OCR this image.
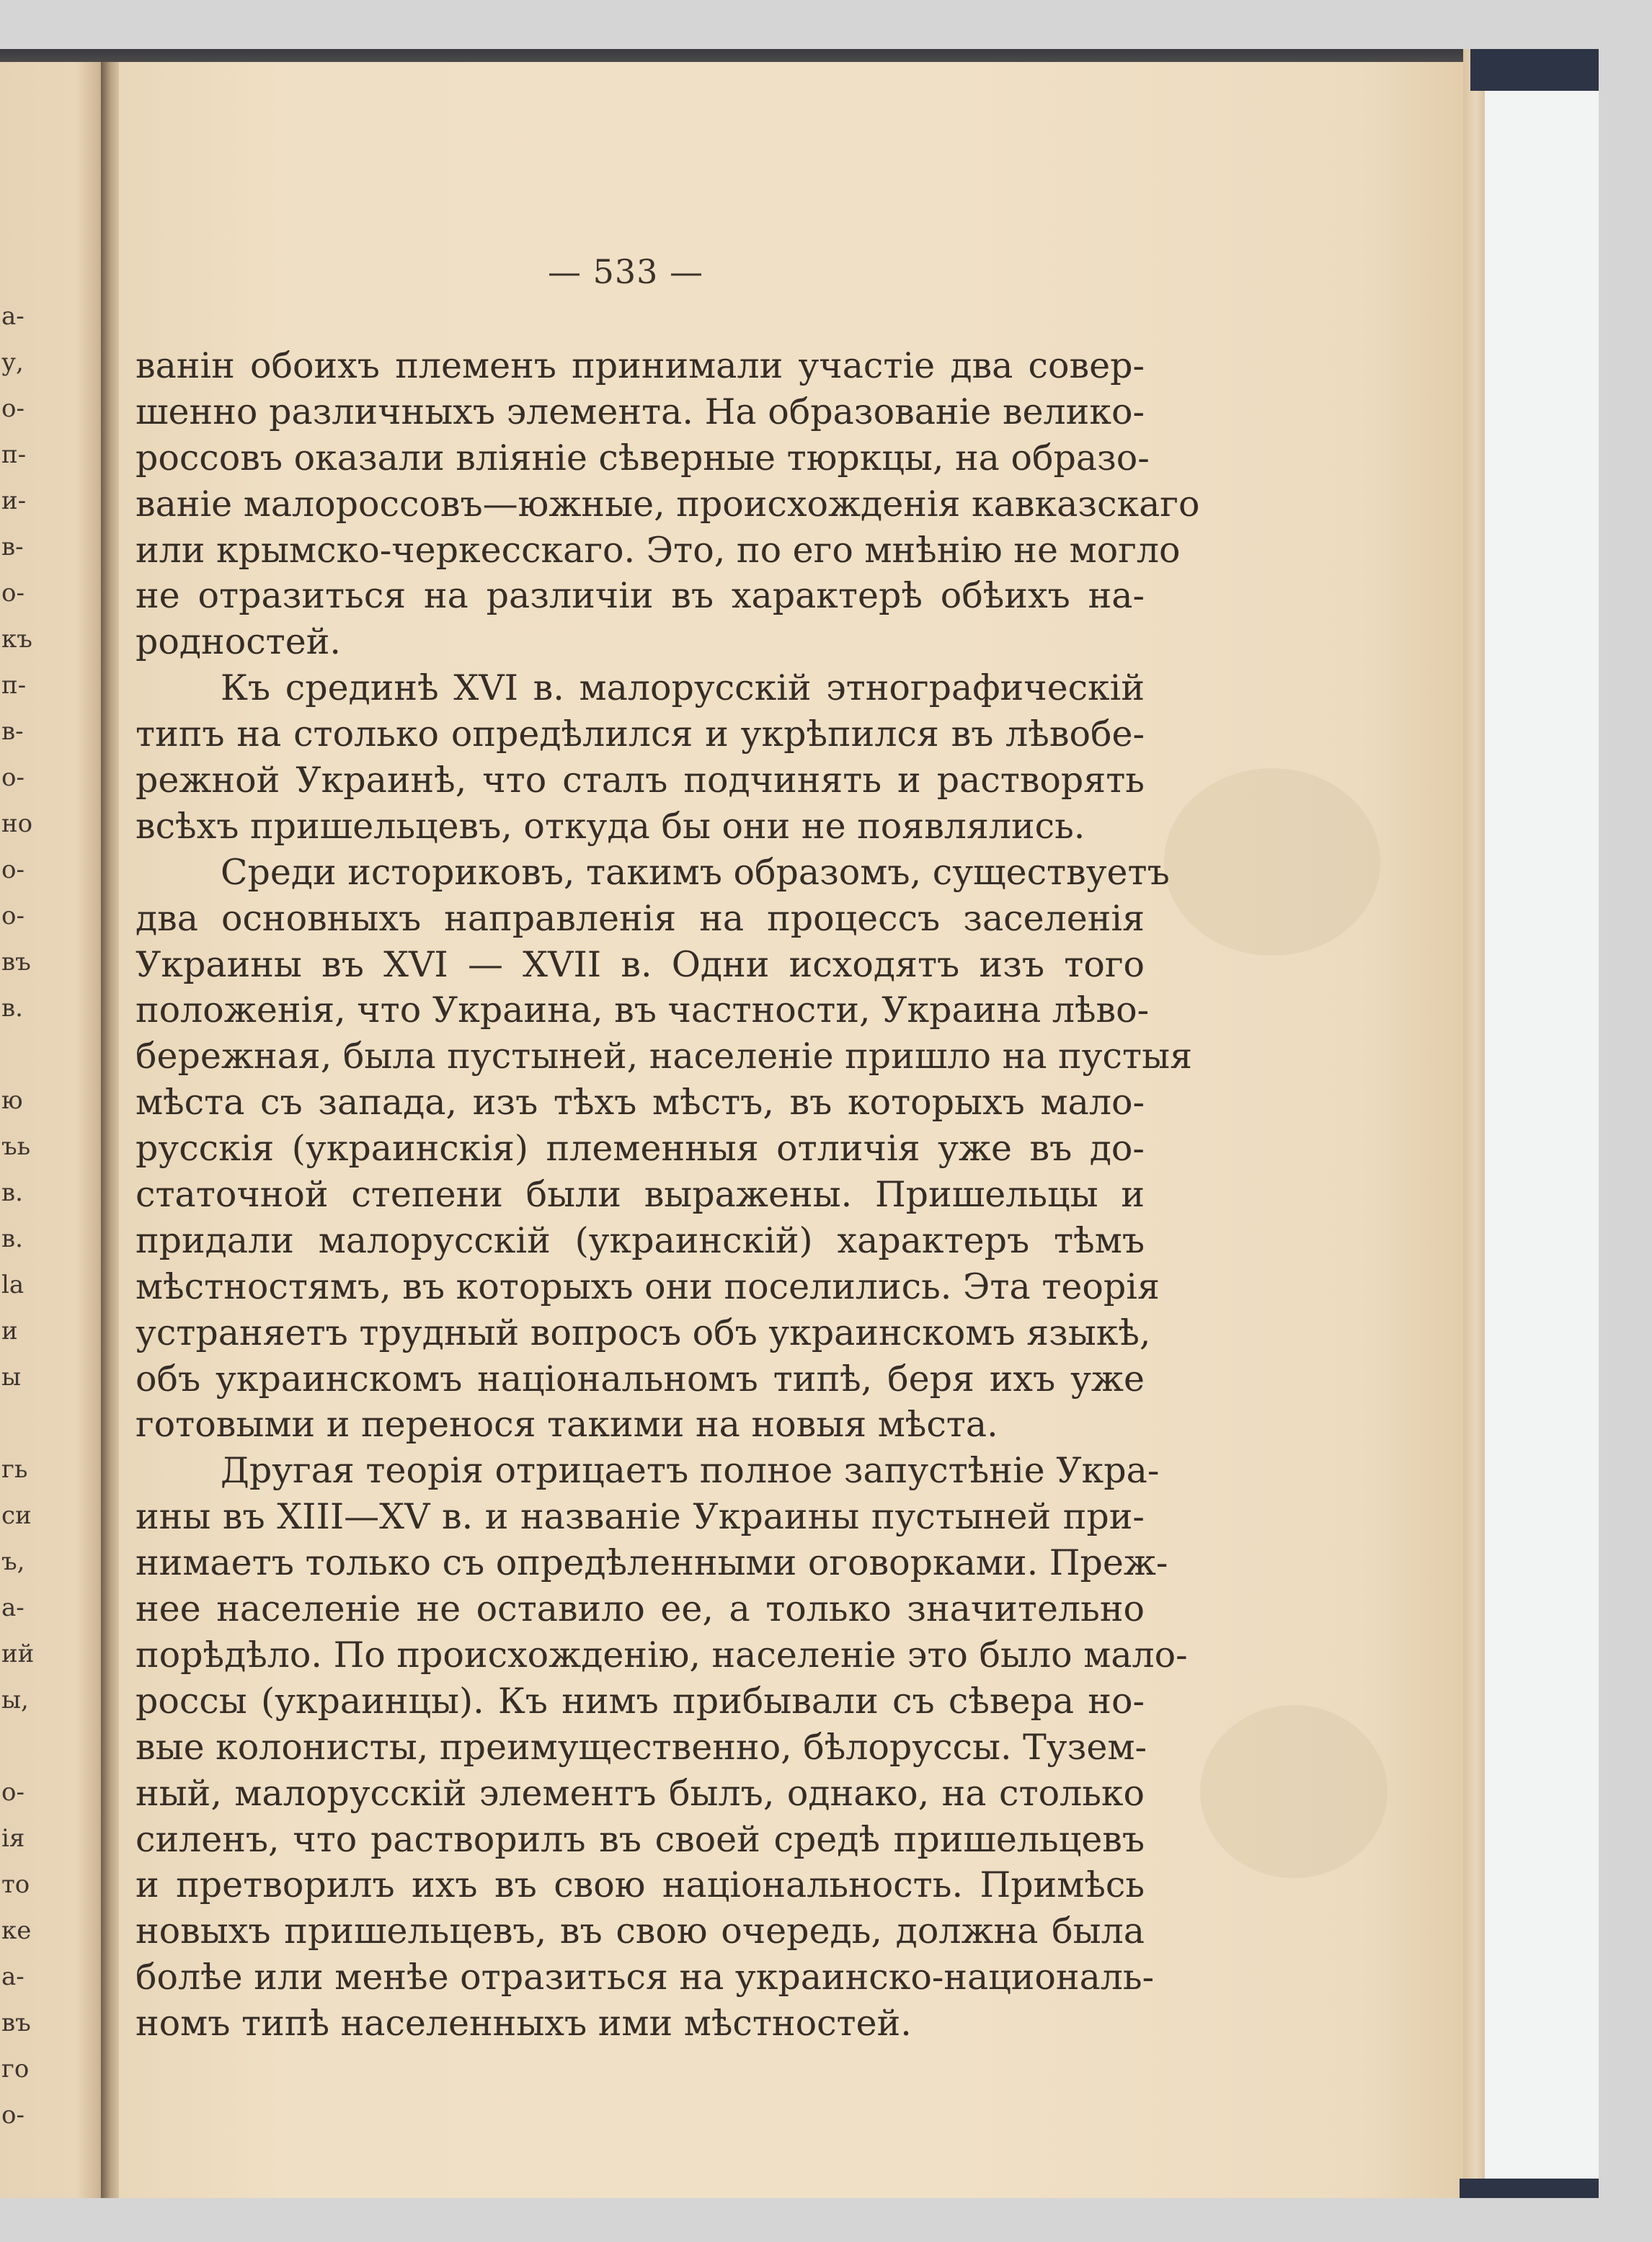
а-
у,
о-
п-
и-
в-
о-
къ
п-
в-
о-
но
о-
о-
въ
в.
ю
ъь
в.
в.
la
и
ы
гь
си
ъ,
а-
ий
ы,
о-
ія
то
ке
а-
въ
го
о-
— 533 —
ванін обоихъ племенъ принимали участіе два совер-
шенно различныхъ элемента. На образованіе велико-
россовъ оказали вліяніе сѣверные тюркцы, на образо-
ваніе малороссовъ—южные, происхожденія кавказскаго
или крымско-черкесскаго. Это, по его мнѣнію не могло
не отразиться на различіи въ характерѣ обѣихъ на-
родностей.
Къ срединѣ XVI в. малорусскій этнографическій
типъ на столько опредѣлился и укрѣпился въ лѣвобе-
режной Украинѣ, что сталъ подчинять и растворять
всѣхъ пришельцевъ, откуда бы они не появлялись.
Среди историковъ, такимъ образомъ, существуетъ
два основныхъ направленія на процессъ заселенія
Украины въ XVI — XVII в. Одни исходятъ изъ того
положенія, что Украина, въ частности, Украина лѣво-
бережная, была пустыней, населеніе пришло на пустыя
мѣста съ запада, изъ тѣхъ мѣстъ, въ которыхъ мало-
русскія (украинскія) племенныя отличія уже въ до-
статочной степени были выражены. Пришельцы и
придали малорусскій (украинскій) характеръ тѣмъ
мѣстностямъ, въ которыхъ они поселились. Эта теорія
устраняетъ трудный вопросъ объ украинскомъ языкѣ,
объ украинскомъ національномъ типѣ, беря ихъ уже
готовыми и перенося такими на новыя мѣста.
Другая теорія отрицаетъ полное запустѣніе Укра-
ины въ XIII—XV в. и названіе Украины пустыней при-
нимаетъ только съ опредѣленными оговорками. Преж-
нее населеніе не оставило ее, а только значительно
порѣдѣло. По происхожденію, населеніе это было мало-
россы (украинцы). Къ нимъ прибывали съ сѣвера но-
вые колонисты, преимущественно, бѣлоруссы. Тузем-
ный, малорусскій элементъ былъ, однако, на столько
силенъ, что растворилъ въ своей средѣ пришельцевъ
и претворилъ ихъ въ свою національность. Примѣсь
новыхъ пришельцевъ, въ свою очередь, должна была
болѣе или менѣе отразиться на украинско-националь-
номъ типѣ населенныхъ ими мѣстностей.
